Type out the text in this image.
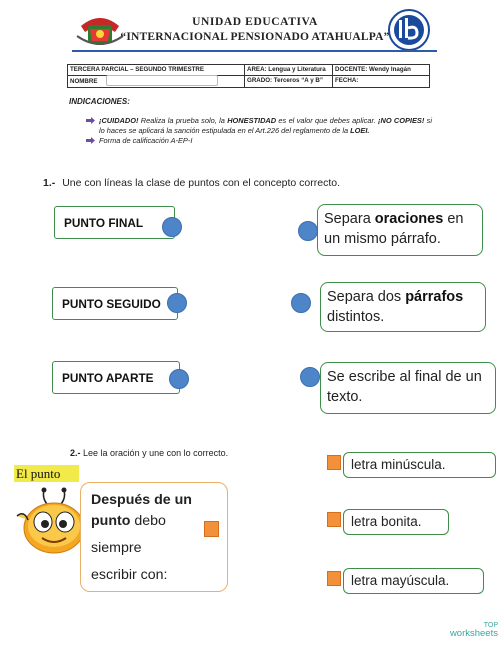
UNIDAD EDUCATIVA
“INTERNACIONAL PENSIONADO ATAHUALPA”
TERCERA PARCIAL – SEGUNDO TRIMESTRE	AREA: Lengua y Literatura	DOCENTE: Wendy Inagán
NOMBRE	GRADO: Terceros “A y B”	FECHA:
INDICACIONES:
¡CUIDADO! Realiza la prueba solo, la HONESTIDAD es el valor que debes aplicar. ¡NO COPIES! si lo haces se aplicará la sanción estipulada en el Art.226 del reglamento de la LOEI.
Forma de calificación A-EP-I
1.- Une con líneas la clase de puntos con el concepto correcto.
PUNTO FINAL
PUNTO SEGUIDO
PUNTO APARTE
Separa oraciones en un mismo párrafo.
Separa dos párrafos distintos.
Se escribe al final de un texto.
2.- Lee la oración y une con lo correcto.
El punto
Después de un punto debo
siempre
escribir con:
letra minúscula.
letra bonita.
letra mayúscula.
TOP
worksheets
